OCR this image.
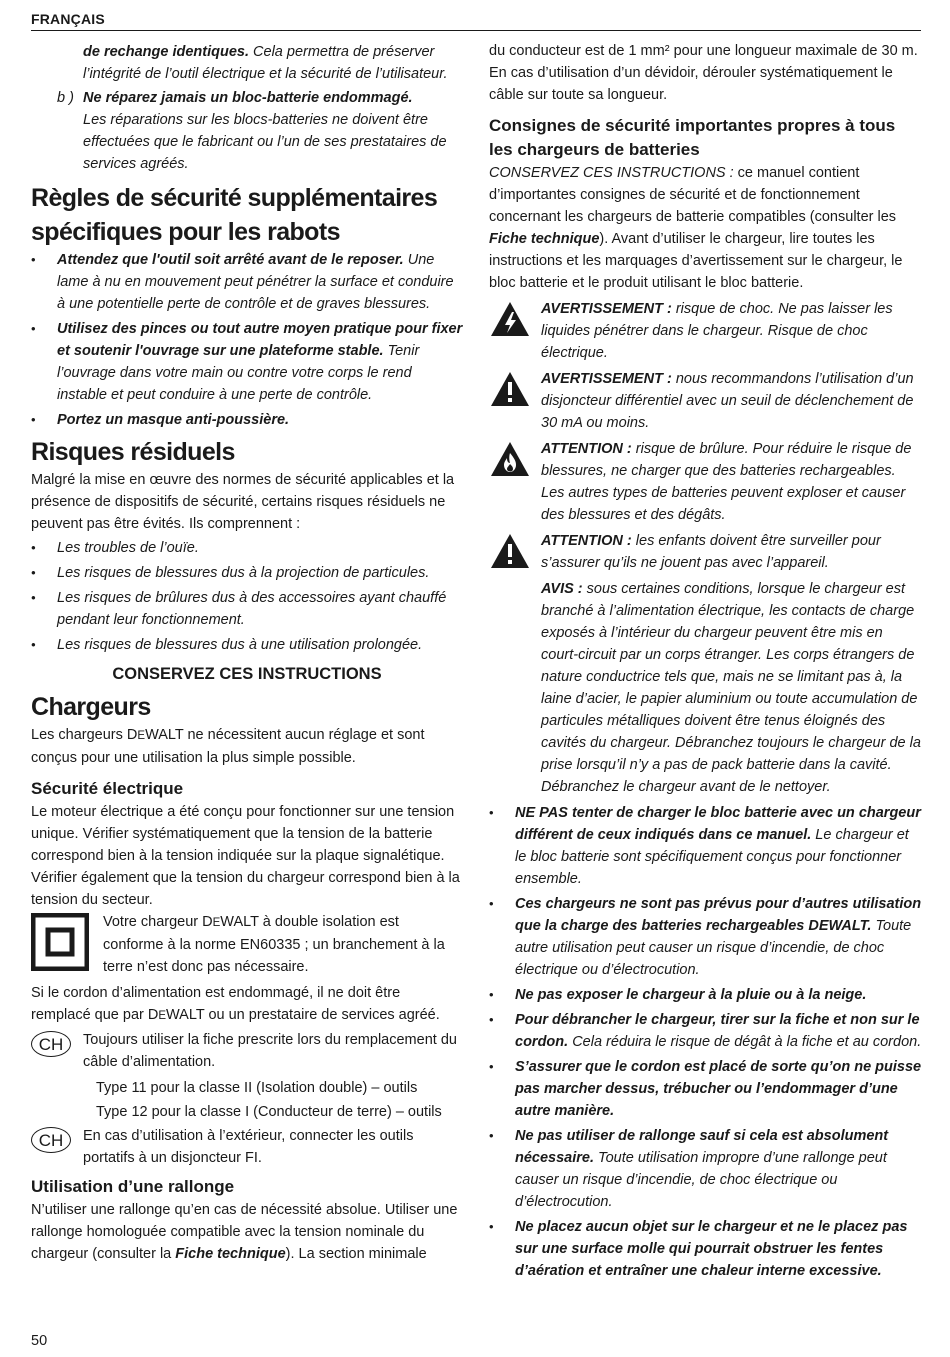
FRANÇAIS

de rechange identiques. Cela permettra de préserver l’intégrité de l’outil électrique et la sécurité de l’utilisateur.

b ) Ne réparez jamais un bloc-batterie endommagé.
Les réparations sur les blocs-batteries ne doivent être effectuées que le fabricant ou l’un de ses prestataires de services agréés.

Règles de sécurité supplémentaires
spécifiques pour les rabots
• Attendez que l'outil soit arrêté avant de le reposer. Une lame à nu en mouvement peut pénétrer la surface et conduire à une potentielle perte de contrôle et de graves blessures.
• Utilisez des pinces ou tout autre moyen pratique pour fixer et soutenir l'ouvrage sur une plateforme stable. Tenir l’ouvrage dans votre main ou contre votre corps le rend instable et peut conduire à une perte de contrôle.
• Portez un masque anti-poussière.
Risques résiduels

Malgré la mise en œuvre des normes de sécurité applicables et la présence de dispositifs de sécurité, certains risques résiduels ne peuvent pas être évités. Ils comprennent :

• Les troubles de l’ouïe.
• Les risques de blessures dus à la projection de particules.
• Les risques de brûlures dus à des accessoires ayant chauffé pendant leur fonctionnement.
• Les risques de blessures dus à une utilisation prolongée.
CONSERVEZ CES INSTRUCTIONS
Chargeurs

Les chargeurs DEWALT ne nécessitent aucun réglage et sont conçus pour une utilisation la plus simple possible.

Sécurité électrique

Le moteur électrique a été conçu pour fonctionner sur une tension unique. Vérifier systématiquement que la tension de la batterie correspond bien à la tension indiquée sur la plaque signalétique. Vérifier également que la tension du chargeur correspond bien à la tension du secteur.

Votre chargeur DEWALT à double isolation est conforme à la norme EN60335 ; un branchement à la terre n’est donc pas nécessaire.

Si le cordon d’alimentation est endommagé, il ne doit être remplacé que par DEWALT ou un prestataire de services agréé.

CH	Toujours utiliser la fiche prescrite lors du remplacement du câble d’alimentation.

Type 11 pour la classe II (Isolation double) – outils

Type 12 pour la classe I (Conducteur de terre) – outils

CH	En cas d’utilisation à l’extérieur, connecter les outils portatifs à un disjoncteur FI.

Utilisation d’une rallonge

N’utiliser une rallonge qu’en cas de nécessité absolue. Utiliser une rallonge homologuée compatible avec la tension nominale du chargeur (consulter la Fiche technique). La section minimale

du conducteur est de 1 mm² pour une longueur maximale de 30 m.

En cas d’utilisation d’un dévidoir, dérouler systématiquement le câble sur toute sa longueur.

Consignes de sécurité importantes propres à tous les chargeurs de batteries

CONSERVEZ CES INSTRUCTIONS : ce manuel contient d’importantes consignes de sécurité et de fonctionnement concernant les chargeurs de batterie compatibles (consulter les Fiche technique). Avant d’utiliser le chargeur, lire toutes les instructions et les marquages d’avertissement sur le chargeur, le bloc batterie et le produit utilisant le bloc batterie.

AVERTISSEMENT : risque de choc. Ne pas laisser les liquides pénétrer dans le chargeur. Risque de choc électrique.

AVERTISSEMENT : nous recommandons l’utilisation d’un disjoncteur différentiel avec un seuil de déclenchement de 30 mA ou moins.

ATTENTION : risque de brûlure. Pour réduire le risque de blessures, ne charger que des batteries rechargeables. Les autres types de batteries peuvent exploser et causer des blessures et des dégâts.

ATTENTION : les enfants doivent être surveiller pour s’assurer qu’ils ne jouent pas avec l’appareil.

AVIS : sous certaines conditions, lorsque le chargeur est branché à l’alimentation électrique, les contacts de charge exposés à l’intérieur du chargeur peuvent être mis en court-circuit par un corps étranger. Les corps étrangers de nature conductrice tels que, mais ne se limitant pas à, la laine d’acier, le papier aluminium ou toute accumulation de particules métalliques doivent être tenus éloignés des cavités du chargeur. Débranchez toujours le chargeur de la prise lorsqu’il n’y a pas de pack batterie dans la cavité. Débranchez le chargeur avant de le nettoyer.

• NE PAS tenter de charger le bloc batterie avec un chargeur différent de ceux indiqués dans ce manuel. Le chargeur et le bloc batterie sont spécifiquement conçus pour fonctionner ensemble.
• Ces chargeurs ne sont pas prévus pour d’autres utilisation que la charge des batteries rechargeables DEWALT. Toute autre utilisation peut causer un risque d’incendie, de choc électrique ou d’électrocution.
• Ne pas exposer le chargeur à la pluie ou à la neige.
• Pour débrancher le chargeur, tirer sur la fiche et non sur le cordon. Cela réduira le risque de dégât à la fiche et au cordon.
• S’assurer que le cordon est placé de sorte qu’on ne puisse pas marcher dessus, trébucher ou l’endommager d’une autre manière.
• Ne pas utiliser de rallonge sauf si cela est absolument nécessaire. Toute utilisation impropre d’une rallonge peut causer un risque d’incendie, de choc électrique ou d’électrocution.
• Ne placez aucun objet sur le chargeur et ne le placez pas sur une surface molle qui pourrait obstruer les fentes d’aération et entraîner une chaleur interne excessive.
50
